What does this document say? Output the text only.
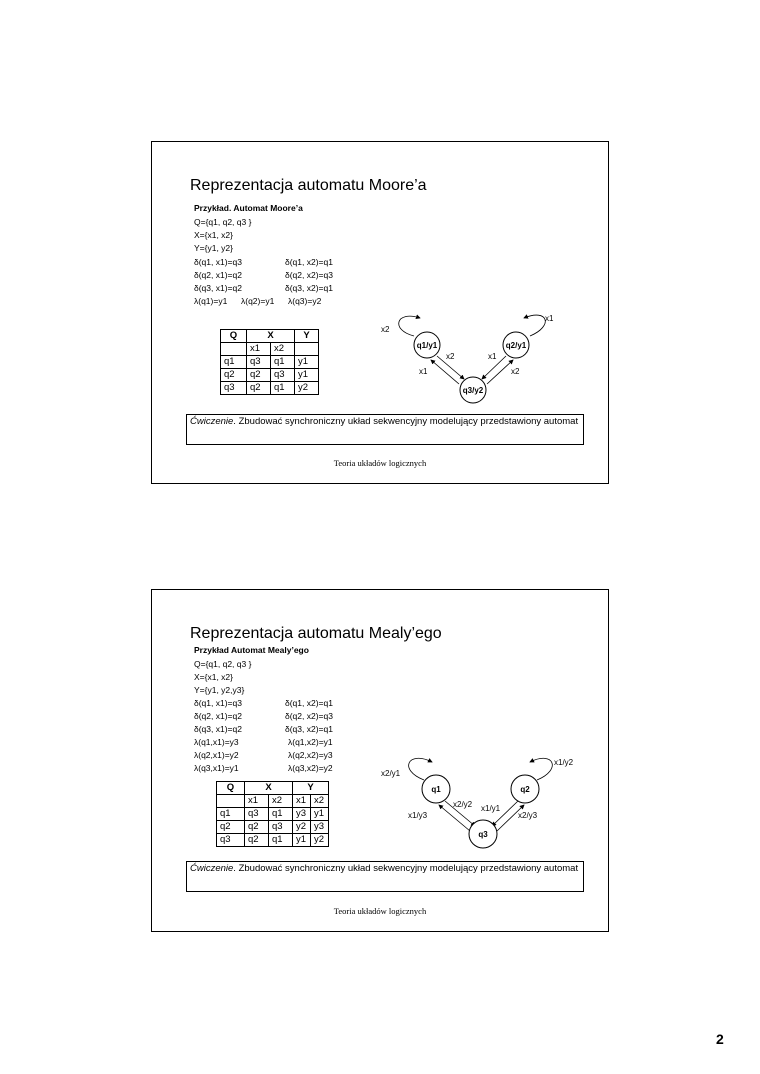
Reprezentacja automatu Moore’a
Przykład. Automat Moore’a
Q={q1, q2, q3 }
X={x1, x2}
Y={y1, y2}
δ(q1, x1)=q3
δ(q2, x1)=q2
δ(q3, x1)=q2
δ(q1, x2)=q1
δ(q2, x2)=q3
δ(q3, x2)=q1
λ(q1)=y1 λ(q2)=y1 λ(q3)=y2
Q	X		Y
	x1	x2	
q1	q3	q1	y1
q2	q2	q3	y1
q3	q2	q1	y2
q1/y1	q2/y1
q3/y2
x2
x1
x2
x1
x1
x2
Ćwiczenie. Zbudować synchroniczny układ sekwencyjny modelujący przedstawiony automat
Teoria układów logicznych
Reprezentacja automatu Mealy’ego
Przykład Automat Mealy’ego
Q={q1, q2, q3 }
X={x1, x2}
Y={y1, y2,y3}
δ(q1, x1)=q3
δ(q2, x1)=q2
δ(q3, x1)=q2
λ(q1,x1)=y3
λ(q2,x1)=y2
λ(q3,x1)=y1
δ(q1, x2)=q1
δ(q2, x2)=q3
δ(q3, x2)=q1
λ(q1,x2)=y1
λ(q2,x2)=y3
λ(q3,x2)=y2
Q	X		Y	
	x1	x2	x1	x2
q1	q3	q1	y3	y1
q2	q2	q3	y2	y3
q3	q2	q1	y1	y2
q1	q2
q3
x2/y1
x1/y2
x2/y2 x1/y1
x1/y3	x2/y3
Ćwiczenie. Zbudować synchroniczny układ sekwencyjny modelujący przedstawiony automat
Teoria układów logicznych
2
